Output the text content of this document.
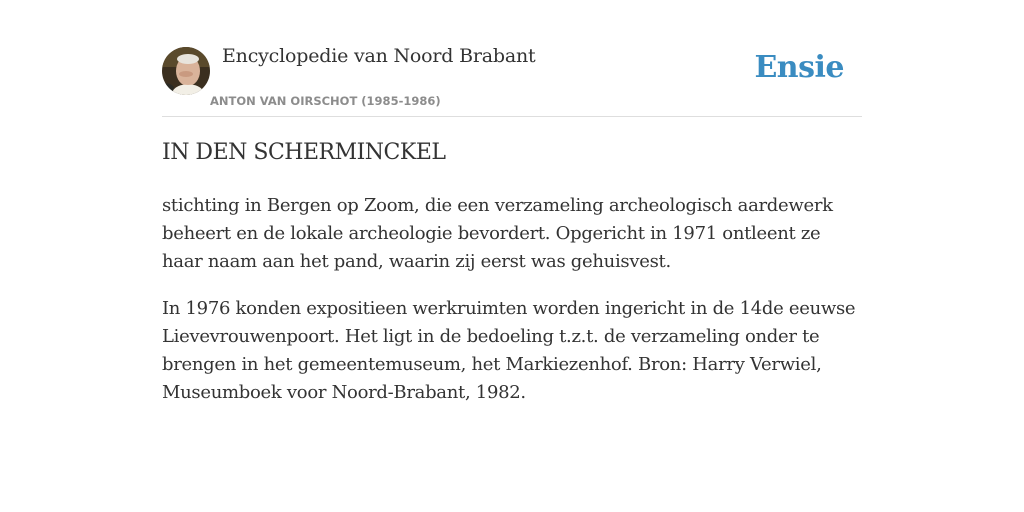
Encyclopedie van Noord Brabant
ANTON VAN OIRSCHOT (1985-1986)
Ensie
IN DEN SCHERMINCKEL

stichting in Bergen op Zoom, die een verzameling archeologisch aardewerk beheert en de lokale archeologie bevordert. Opgericht in 1971 ontleent ze haar naam aan het pand, waarin zij eerst was gehuisvest.

In 1976 konden expositieen werkruimten worden ingericht in de 14de eeuwse Lievevrouwenpoort. Het ligt in de bedoeling t.z.t. de verzameling onder te brengen in het gemeentemuseum, het Markiezenhof. Bron: Harry Verwiel, Museumboek voor Noord-Brabant, 1982.
